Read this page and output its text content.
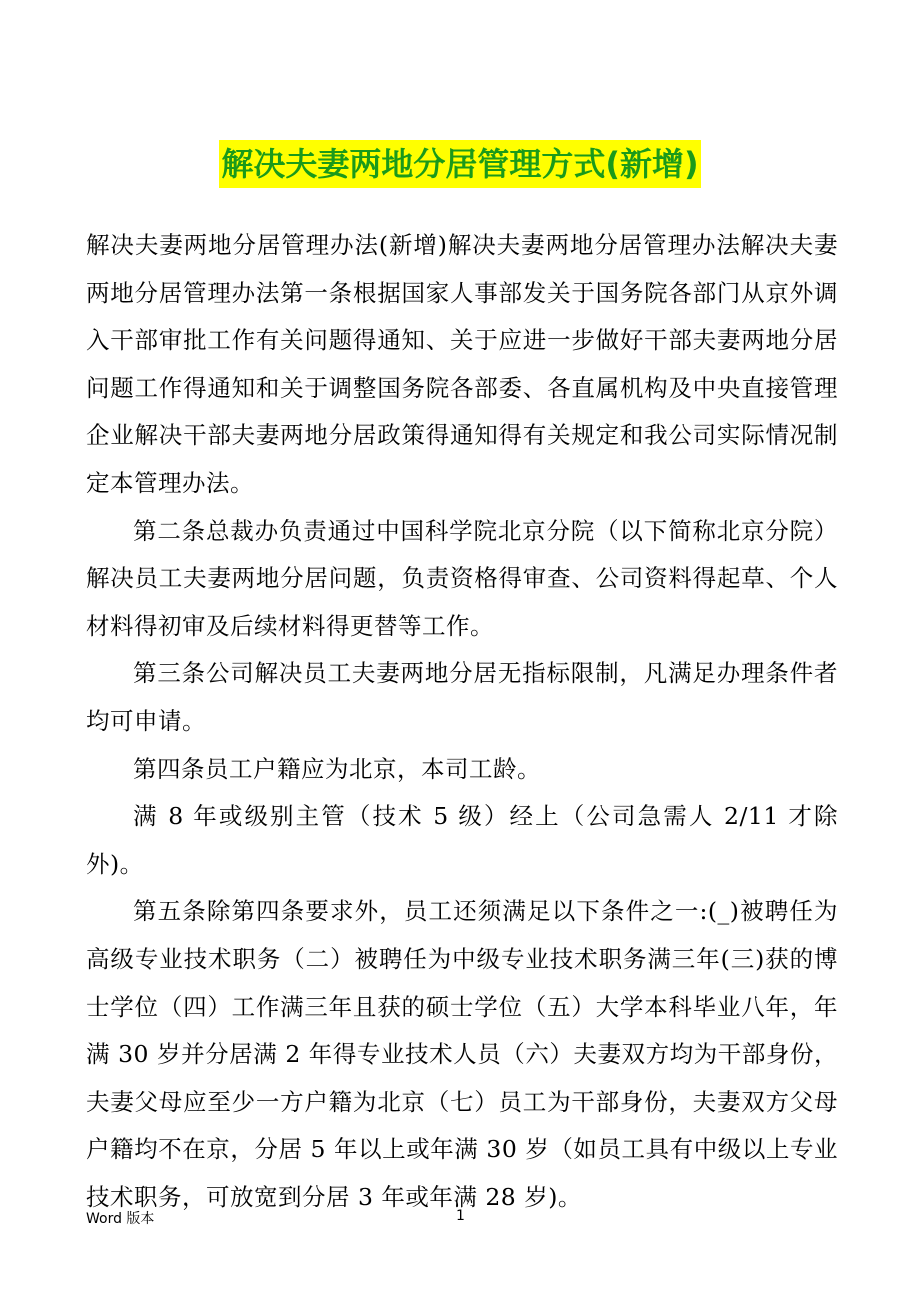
解决夫妻两地分居管理方式(新增)

解决夫妻两地分居管理办法(新增)解决夫妻两地分居管理办法解决夫妻两地分居管理办法第一条根据国家人事部发关于国务院各部门从京外调入干部审批工作有关问题得通知、关于应进一步做好干部夫妻两地分居问题工作得通知和关于调整国务院各部委、各直属机构及中央直接管理企业解决干部夫妻两地分居政策得通知得有关规定和我公司实际情况制定本管理办法。

第二条总裁办负责通过中国科学院北京分院（以下简称北京分院）解决员工夫妻两地分居问题，负责资格得审查、公司资料得起草、个人材料得初审及后续材料得更替等工作。

第三条公司解决员工夫妻两地分居无指标限制，凡满足办理条件者均可申请。

第四条员工户籍应为北京，本司工龄。

满 8 年或级别主管（技术 5 级）经上（公司急需人 2/11 才除外)。

第五条除第四条要求外，员工还须满足以下条件之一:(_)被聘任为高级专业技术职务（二）被聘任为中级专业技术职务满三年(三)获的博士学位（四）工作满三年且获的硕士学位（五）大学本科毕业八年，年满 30 岁并分居满 2 年得专业技术人员（六）夫妻双方均为干部身份，夫妻父母应至少一方户籍为北京（七）员工为干部身份，夫妻双方父母户籍均不在京，分居 5 年以上或年满 30 岁（如员工具有中级以上专业技术职务，可放宽到分居 3 年或年满 28 岁)。

Word 版本	1
